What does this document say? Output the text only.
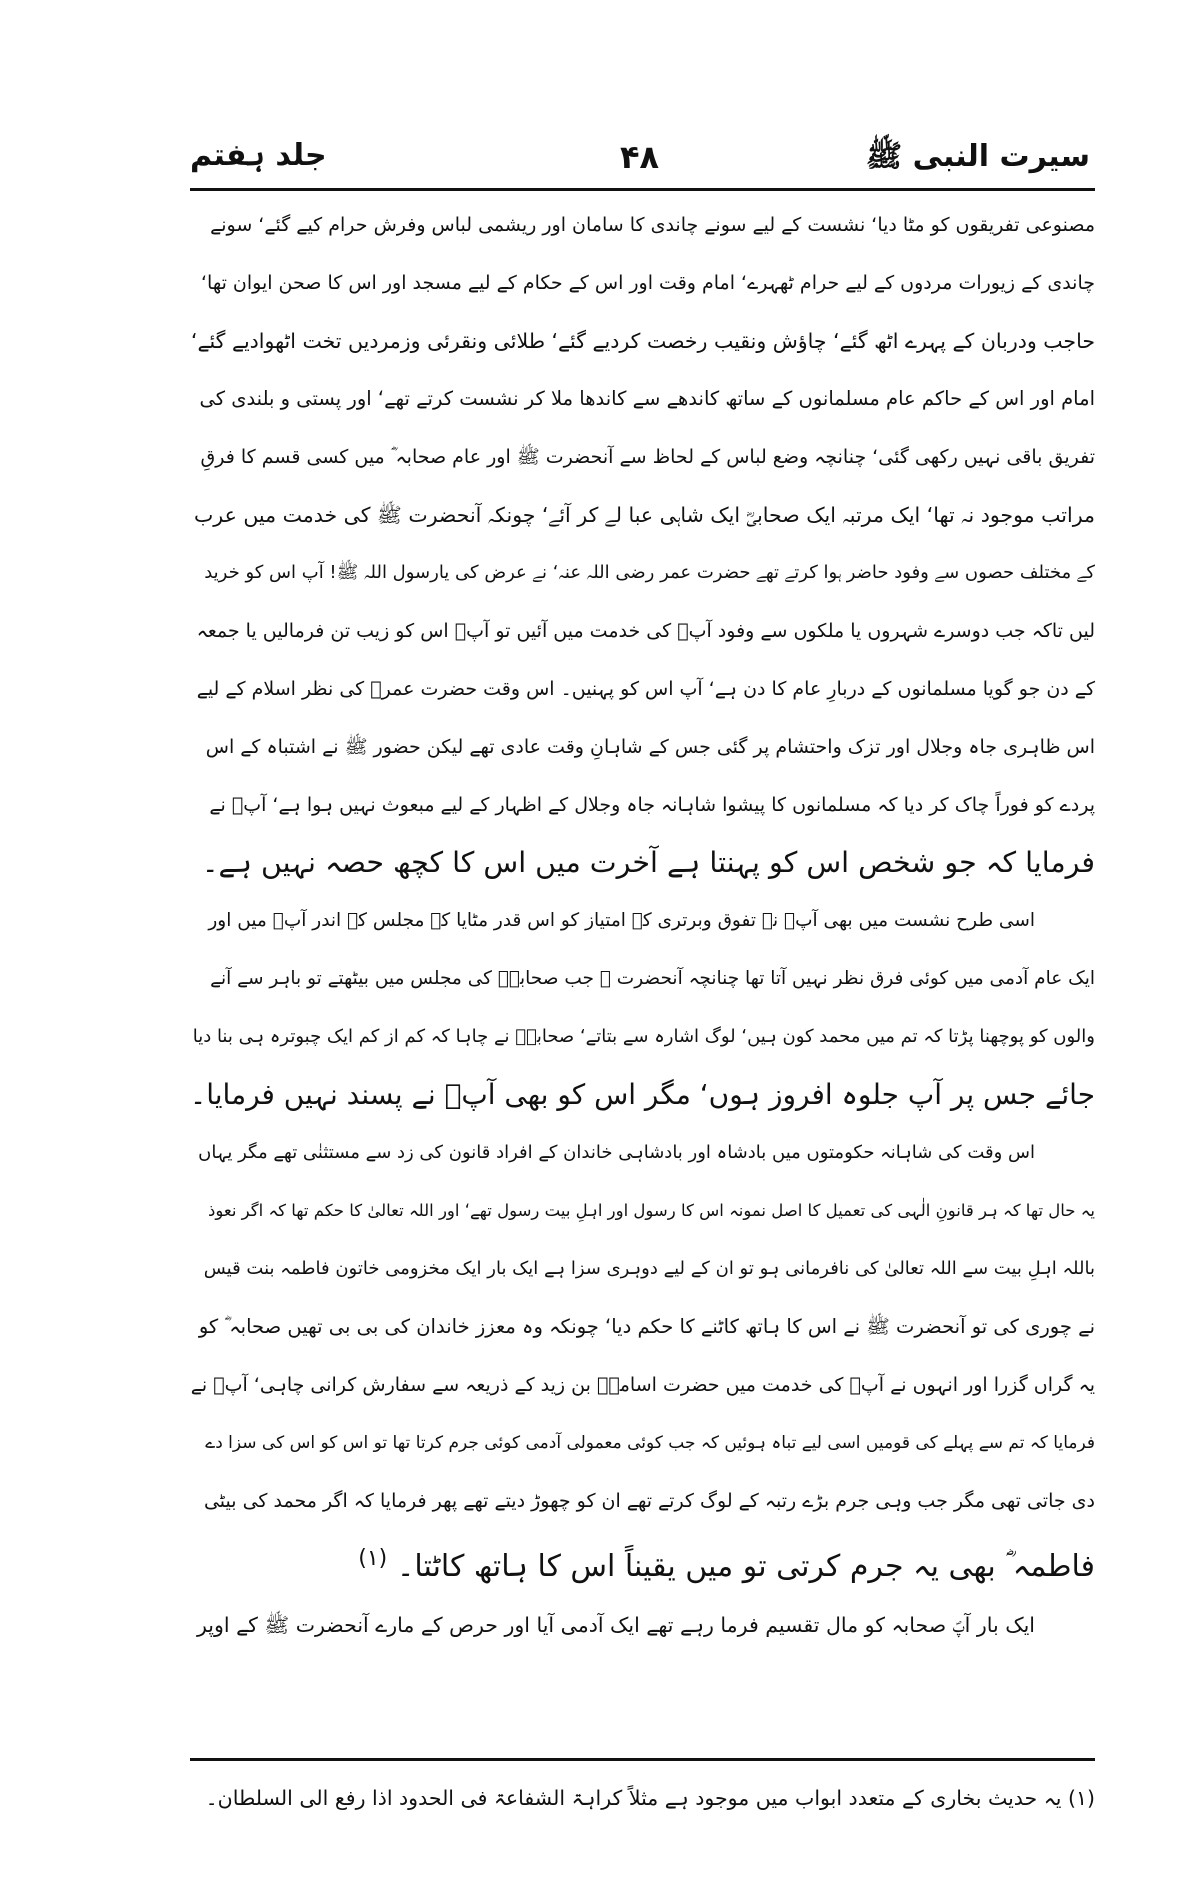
سیرت النبی ﷺ
۴۸
جلد ہفتم

مصنوعی تفریقوں کو مٹا دیا‘ نشست کے لیے سونے چاندی کا سامان اور ریشمی لباس وفرش حرام کیے گئے‘ سونے

چاندی کے زیورات مردوں کے لیے حرام ٹھہرے‘ امام وقت اور اس کے حکام کے لیے مسجد اور اس کا صحن ایوان تھا‘

حاجب ودربان کے پہرے اٹھ گئے‘ چاؤش ونقیب رخصت کردیے گئے‘ طلائی ونقرئی وزمردیں تخت اٹھوادیے گئے‘

امام اور اس کے حاکم عام مسلمانوں کے ساتھ کاندھے سے کاندھا ملا کر نشست کرتے تھے‘ اور پستی و بلندی کی

تفریق باقی نہیں رکھی گئی‘ چنانچہ وضع لباس کے لحاظ سے آنحضرت ﷺ اور عام صحابہ ؓ میں کسی قسم کا فرقِ

مراتب موجود نہ تھا‘ ایک مرتبہ ایک صحابیؓ ایک شاہی عبا لے کر آئے‘ چونکہ آنحضرت ﷺ کی خدمت میں عرب

کے مختلف حصوں سے وفود حاضر ہوا کرتے تھے حضرت عمر رضی اللہ عنہ‘ نے عرض کی یارسول اللہ ﷺ! آپ اس کو خرید

لیں تاکہ جب دوسرے شہروں یا ملکوں سے وفود آپؐ کی خدمت میں آئیں تو آپؐ اس کو زیب تن فرمالیں یا جمعہ

کے دن جو گویا مسلمانوں کے دربارِ عام کا دن ہے‘ آپ اس کو پہنیں۔ اس وقت حضرت عمرؓ کی نظر اسلام کے لیے

اس ظاہری جاہ وجلال اور تزک واحتشام پر گئی جس کے شاہانِ وقت عادی تھے لیکن حضور ﷺ نے اشتباہ کے اس

پردے کو فوراً چاک کر دیا کہ مسلمانوں کا پیشوا شاہانہ جاہ وجلال کے اظہار کے لیے مبعوث نہیں ہوا ہے‘ آپؐ نے

فرمایا کہ جو شخص اس کو پہنتا ہے آخرت میں اس کا کچھ حصہ نہیں ہے۔

اسی طرح نشست میں بھی آپؐ نے تفوق وبرتری کے امتیاز کو اس قدر مٹایا کہ مجلس کے اندر آپؐ میں اور

ایک عام آدمی میں کوئی فرق نظر نہیں آتا تھا چنانچہ آنحضرت ﷺ جب صحابہؓ کی مجلس میں بیٹھتے تو باہر سے آنے

والوں کو پوچھنا پڑتا کہ تم میں محمد کون ہیں‘ لوگ اشارہ سے بتاتے‘ صحابہؓ نے چاہا کہ کم از کم ایک چبوترہ ہی بنا دیا

جائے جس پر آپ جلوہ افروز ہوں‘ مگر اس کو بھی آپؐ نے پسند نہیں فرمایا۔

اس وقت کی شاہانہ حکومتوں میں بادشاہ اور بادشاہی خاندان کے افراد قانون کی زد سے مستثنٰی تھے مگر یہاں

یہ حال تھا کہ ہر قانونِ الٰہی کی تعمیل کا اصل نمونہ اس کا رسول اور اہلِ بیت رسول تھے‘ اور اللہ تعالیٰ کا حکم تھا کہ اگر نعوذ

باللہ اہلِ بیت سے اللہ تعالیٰ کی نافرمانی ہو تو ان کے لیے دوہری سزا ہے ایک بار ایک مخزومی خاتون فاطمہ بنت قیس

نے چوری کی تو آنحضرت ﷺ نے اس کا ہاتھ کاٹنے کا حکم دیا‘ چونکہ وہ معزز خاندان کی بی بی تھیں صحابہ ؓ کو

یہ گراں گزرا اور انہوں نے آپؐ کی خدمت میں حضرت اسامہؓ بن زید کے ذریعہ سے سفارش کرانی چاہی‘ آپؐ نے

فرمایا کہ تم سے پہلے کی قومیں اسی لیے تباہ ہوئیں کہ جب کوئی معمولی آدمی کوئی جرم کرتا تھا تو اس کو اس کی سزا دے

دی جاتی تھی مگر جب وہی جرم بڑے رتبہ کے لوگ کرتے تھے ان کو چھوڑ دیتے تھے پھر فرمایا کہ اگر محمد کی بیٹی

فاطمہ ؓ بھی یہ جرم کرتی تو میں یقیناً اس کا ہاتھ کاٹتا۔ $^{(۱)}$

ایک بار آپؐ صحابہ کو مال تقسیم فرما رہے تھے ایک آدمی آیا اور حرص کے مارے آنحضرت ﷺ کے اوپر

(۱) یہ حدیث بخاری کے متعدد ابواب میں موجود ہے مثلاً کراہۃ الشفاعۃ فی الحدود اذا رفع الی السلطان۔
